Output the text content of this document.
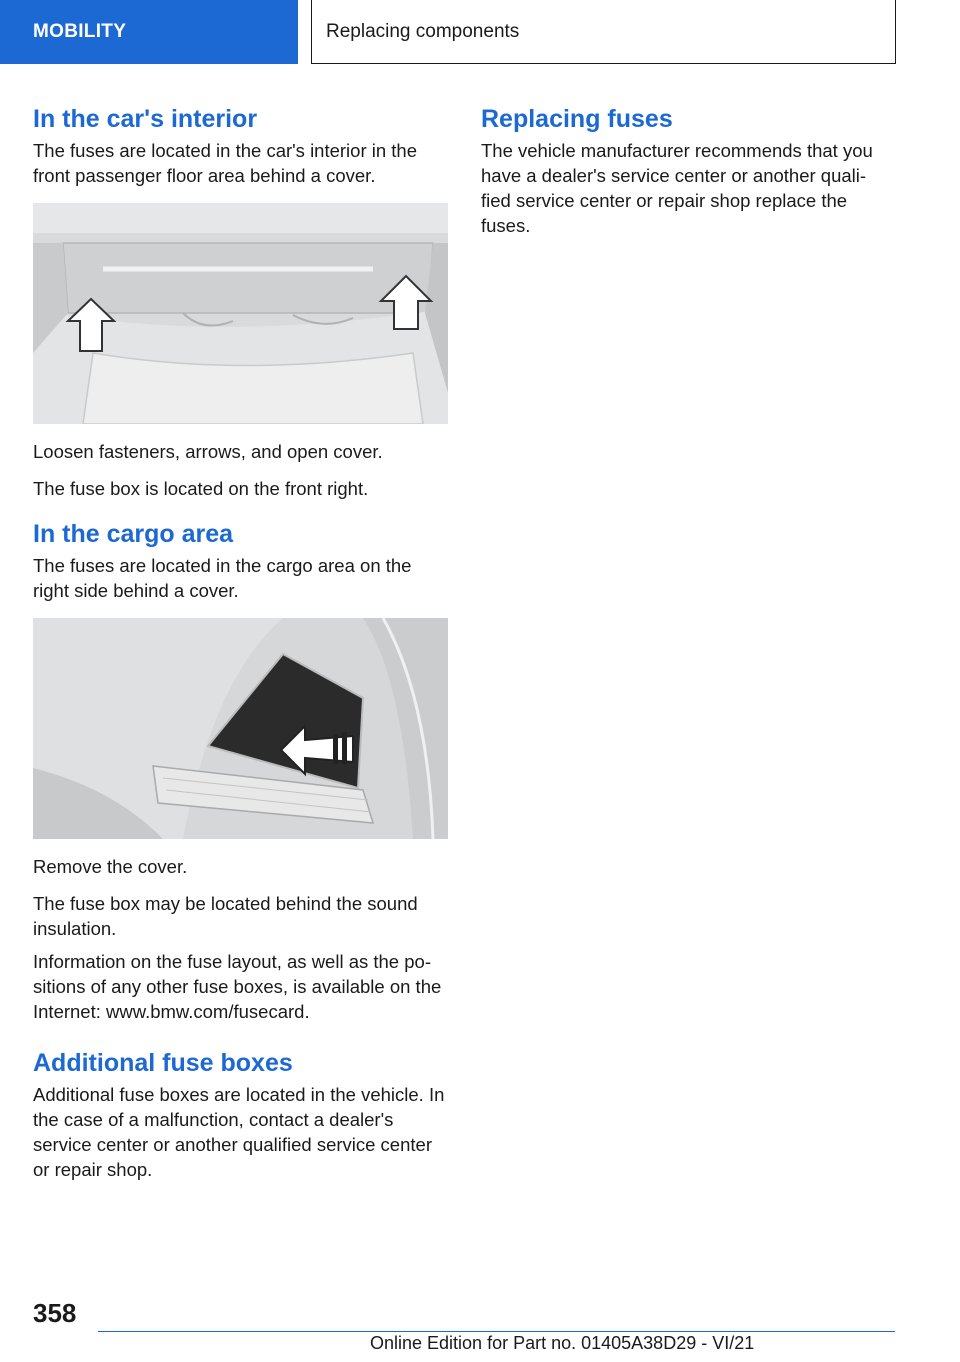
MOBILITY	Replacing components
In the car's interior

The fuses are located in the car's interior in the front passenger floor area behind a cover.

Loosen fasteners, arrows, and open cover.

The fuse box is located on the front right.

In the cargo area

The fuses are located in the cargo area on the right side behind a cover.

Remove the cover.

The fuse box may be located behind the sound insulation.

Information on the fuse layout, as well as the po-sitions of any other fuse boxes, is available on the Internet: www.bmw.com/fusecard.

Additional fuse boxes

Additional fuse boxes are located in the vehicle. In the case of a malfunction, contact a dealer's service center or another qualified service center or repair shop.

Replacing fuses

The vehicle manufacturer recommends that you have a dealer's service center or another quali-fied service center or repair shop replace the fuses.

358
Online Edition for Part no. 01405A38D29 - VI/21
